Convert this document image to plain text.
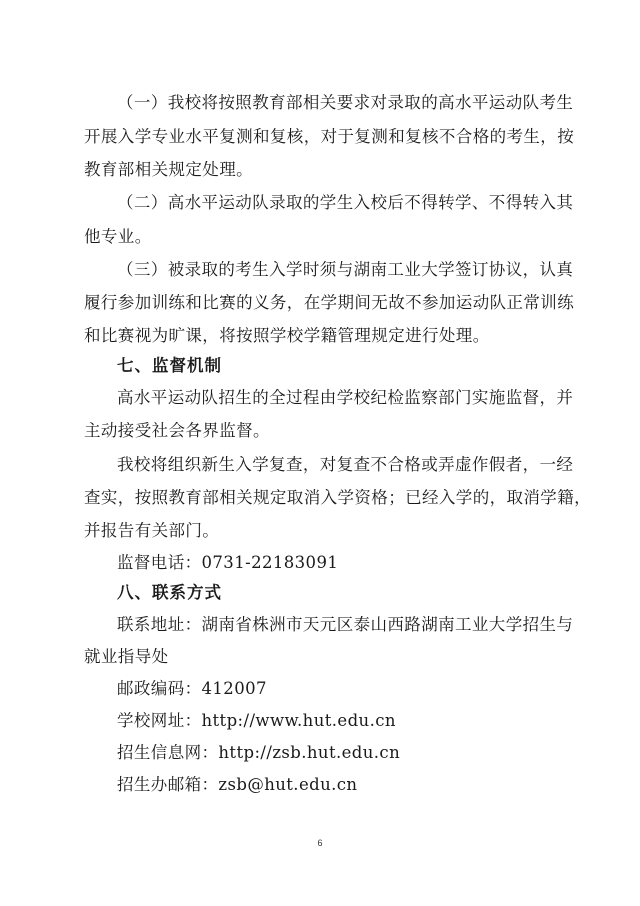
（一）我校将按照教育部相关要求对录取的高水平运动队考生
开展入学专业水平复测和复核，对于复测和复核不合格的考生，按
教育部相关规定处理。
（二）高水平运动队录取的学生入校后不得转学、不得转入其
他专业。
（三）被录取的考生入学时须与湖南工业大学签订协议，认真
履行参加训练和比赛的义务，在学期间无故不参加运动队正常训练
和比赛视为旷课，将按照学校学籍管理规定进行处理。
七、监督机制
高水平运动队招生的全过程由学校纪检监察部门实施监督，并
主动接受社会各界监督。
我校将组织新生入学复查，对复查不合格或弄虚作假者，一经
查实，按照教育部相关规定取消入学资格；已经入学的，取消学籍，
并报告有关部门。
监督电话：0731-22183091
八、联系方式
联系地址：湖南省株洲市天元区泰山西路湖南工业大学招生与
就业指导处
邮政编码：412007
学校网址：http://www.hut.edu.cn
招生信息网：http://zsb.hut.edu.cn
招生办邮箱：zsb@hut.edu.cn
6
